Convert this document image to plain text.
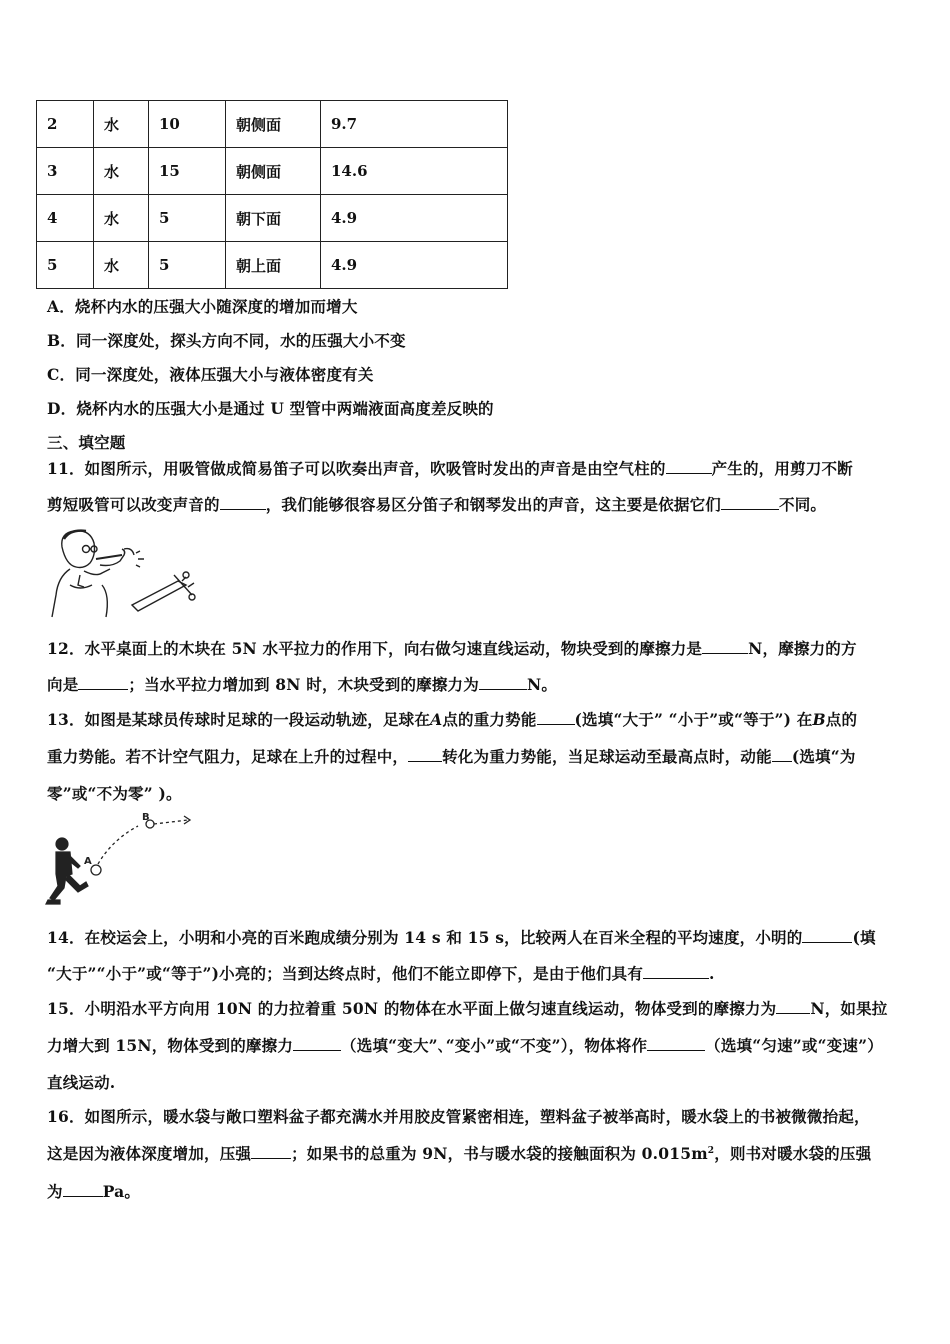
2	水	10	朝侧面	9.7
3	水	15	朝侧面	14.6
4	水	5	朝下面	4.9
5	水	5	朝上面	4.9
A．烧杯内水的压强大小随深度的增加而增大
B．同一深度处，探头方向不同，水的压强大小不变
C．同一深度处，液体压强大小与液体密度有关
D．烧杯内水的压强大小是通过 U 型管中两端液面高度差反映的
三、填空题
11．如图所示，用吸管做成简易笛子可以吹奏出声音，吹吸管时发出的声音是由空气柱的	产生的，用剪刀不断
剪短吸管可以改变声音的	，我们能够很容易区分笛子和钢琴发出的声音，这主要是依据它们	不同。
12．水平桌面上的木块在 5N 水平拉力的作用下，向右做匀速直线运动，物块受到的摩擦力是	N，摩擦力的方
向是	；当水平拉力增加到 8N 时，木块受到的摩擦力为	N。
13．如图是某球员传球时足球的一段运动轨迹，足球在A点的重力势能 (选填“大于” “小于”或“等于”) 在B点的
重力势能。若不计空气阻力，足球在上升的过程中， 转化为重力势能，当足球运动至最高点时，动能 (选填“为
零”或“不为零” )。
A
B
14．在校运会上，小明和小亮的百米跑成绩分别为 14 s 和 15 s，比较两人在百米全程的平均速度，小明的	(填
“大于”“小于”或“等于”)小亮的；当到达终点时，他们不能立即停下，是由于他们具有	.
15．小明沿水平方向用 10N 的力拉着重 50N 的物体在水平面上做匀速直线运动，物体受到的摩擦力为 N，如果拉
力增大到 15N，物体受到的摩擦力	（选填“变大”､“变小”或“不变”），物体将作	（选填“匀速”或“变速”）
直线运动.
16．如图所示，暖水袋与敞口塑料盆子都充满水并用胶皮管紧密相连，塑料盆子被举高时，暖水袋上的书被微微抬起，
这是因为液体深度增加，压强	；如果书的总重为 9N，书与暖水袋的接触面积为 $0.015m^2$，则书对暖水袋的压强
为	Pa。
